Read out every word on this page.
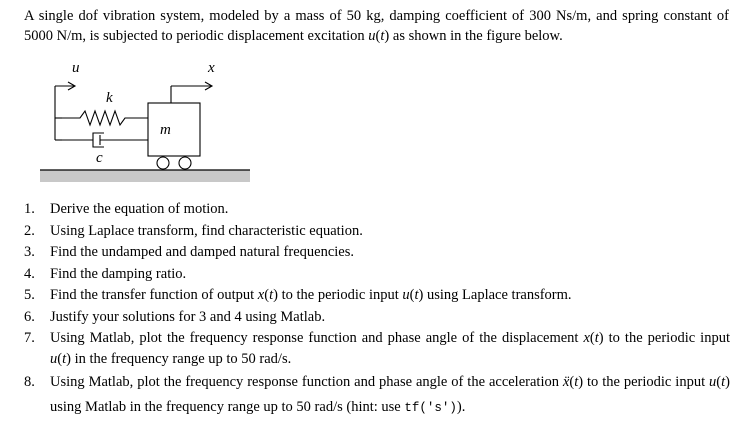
A single dof vibration system, modeled by a mass of 50 kg, damping coefficient of 300 Ns/m, and spring constant of 5000 N/m, is subjected to periodic displacement excitation u(t) as shown in the figure below.
u
k
c
m
x
1. Derive the equation of motion.
2. Using Laplace transform, find characteristic equation.
3. Find the undamped and damped natural frequencies.
4. Find the damping ratio.
5. Find the transfer function of output x(t) to the periodic input u(t) using Laplace transform.
6. Justify your solutions for 3 and 4 using Matlab.
7. Using Matlab, plot the frequency response function and phase angle of the displacement x(t) to the periodic input u(t) in the frequency range up to 50 rad/s.
8. Using Matlab, plot the frequency response function and phase angle of the acceleration ẍ(t) to the periodic input u(t) using Matlab in the frequency range up to 50 rad/s (hint: use tf('s')).
